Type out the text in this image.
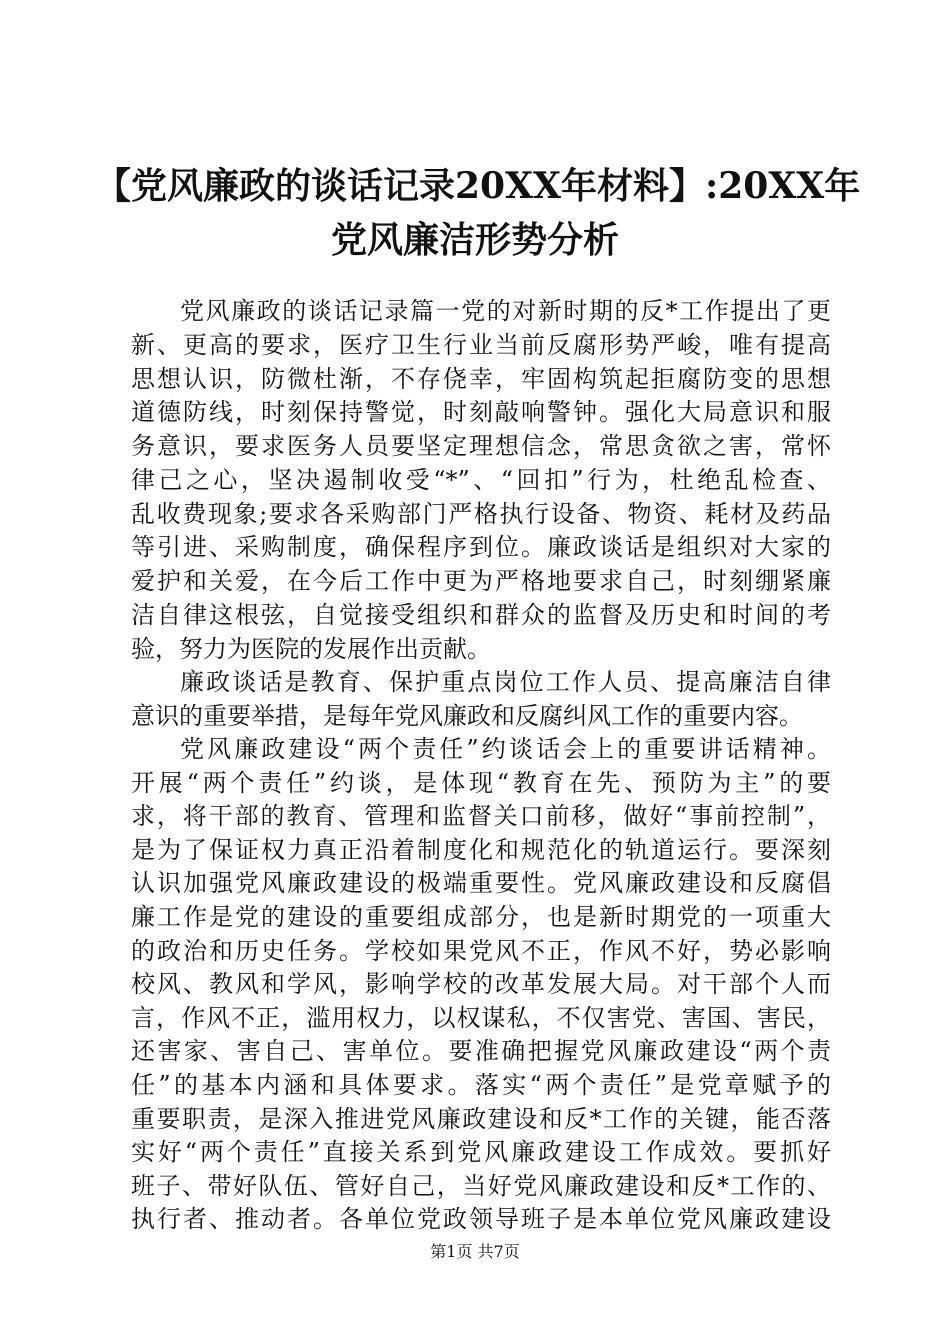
【党风廉政的谈话记录20XX年材料】:20XX年
党风廉洁形势分析
党风廉政的谈话记录篇一党的对新时期的反*工作提出了更
新、更高的要求，医疗卫生行业当前反腐形势严峻，唯有提高
思想认识，防微杜渐，不存侥幸，牢固构筑起拒腐防变的思想
道德防线，时刻保持警觉，时刻敲响警钟。强化大局意识和服
务意识，要求医务人员要坚定理想信念，常思贪欲之害，常怀
律己之心，坚决遏制收受“*”、“回扣”行为，杜绝乱检查、
乱收费现象;要求各采购部门严格执行设备、物资、耗材及药品
等引进、采购制度，确保程序到位。廉政谈话是组织对大家的
爱护和关爱，在今后工作中更为严格地要求自己，时刻绷紧廉
洁自律这根弦，自觉接受组织和群众的监督及历史和时间的考
验，努力为医院的发展作出贡献。
廉政谈话是教育、保护重点岗位工作人员、提高廉洁自律
意识的重要举措，是每年党风廉政和反腐纠风工作的重要内容。
党风廉政建设“两个责任”约谈话会上的重要讲话精神。
开展“两个责任”约谈，是体现“教育在先、预防为主”的要
求，将干部的教育、管理和监督关口前移，做好“事前控制”，
是为了保证权力真正沿着制度化和规范化的轨道运行。要深刻
认识加强党风廉政建设的极端重要性。党风廉政建设和反腐倡
廉工作是党的建设的重要组成部分，也是新时期党的一项重大
的政治和历史任务。学校如果党风不正，作风不好，势必影响
校风、教风和学风，影响学校的改革发展大局。对干部个人而
言，作风不正，滥用权力，以权谋私，不仅害党、害国、害民，
还害家、害自己、害单位。要准确把握党风廉政建设“两个责
任”的基本内涵和具体要求。落实“两个责任”是党章赋予的
重要职责，是深入推进党风廉政建设和反*工作的关键，能否落
实好“两个责任”直接关系到党风廉政建设工作成效。要抓好
班子、带好队伍、管好自己，当好党风廉政建设和反*工作的、
执行者、推动者。各单位党政领导班子是本单位党风廉政建设
第1页 共7页
